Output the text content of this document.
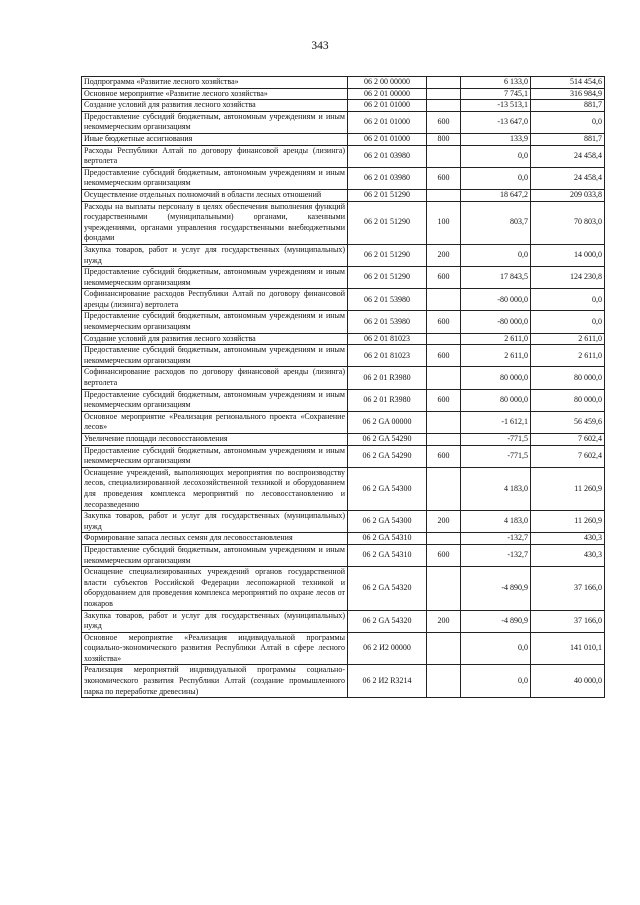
343
Подпрограмма «Развитие лесного хозяйства»	06 2 00 00000		6 133,0	514 454,6
Основное мероприятие «Развитие лесного хозяйства»	06 2 01 00000		7 745,1	316 984,9
Создание условий для развития лесного хозяйства	06 2 01 01000		-13 513,1	881,7
Предоставление субсидий бюджетным, автономным учреждениям и иным некоммерческим организациям	06 2 01 01000	600	-13 647,0	0,0
Иные бюджетные ассигнования	06 2 01 01000	800	133,9	881,7
Расходы Республики Алтай по договору финансовой аренды (лизинга) вертолета	06 2 01 03980		0,0	24 458,4
Предоставление субсидий бюджетным, автономным учреждениям и иным некоммерческим организациям	06 2 01 03980	600	0,0	24 458,4
Осуществление отдельных полномочий в области лесных отношений	06 2 01 51290		18 647,2	209 033,8
Расходы на выплаты персоналу в целях обеспечения выполнения функций государственными (муниципальными) органами, казенными учреждениями, органами управления государственными внебюджетными фондами	06 2 01 51290	100	803,7	70 803,0
Закупка товаров, работ и услуг для государственных (муниципальных) нужд	06 2 01 51290	200	0,0	14 000,0
Предоставление субсидий бюджетным, автономным учреждениям и иным некоммерческим организациям	06 2 01 51290	600	17 843,5	124 230,8
Софинансирование расходов Республики Алтай по договору финансовой аренды (лизинга) вертолета	06 2 01 53980		-80 000,0	0,0
Предоставление субсидий бюджетным, автономным учреждениям и иным некоммерческим организациям	06 2 01 53980	600	-80 000,0	0,0
Создание условий для развития лесного хозяйства	06 2 01 81023		2 611,0	2 611,0
Предоставление субсидий бюджетным, автономным учреждениям и иным некоммерческим организациям	06 2 01 81023	600	2 611,0	2 611,0
Софинансирование расходов по договору финансовой аренды (лизинга) вертолета	06 2 01 R3980		80 000,0	80 000,0
Предоставление субсидий бюджетным, автономным учреждениям и иным некоммерческим организациям	06 2 01 R3980	600	80 000,0	80 000,0
Основное мероприятие «Реализация регионального проекта «Сохранение лесов»	06 2 GA 00000		-1 612,1	56 459,6
Увеличение площади лесовосстановления	06 2 GA 54290		-771,5	7 602,4
Предоставление субсидий бюджетным, автономным учреждениям и иным некоммерческим организациям	06 2 GA 54290	600	-771,5	7 602,4
Оснащение учреждений, выполняющих мероприятия по воспроизводству лесов, специализированной лесохозяйственной техникой и оборудованием для проведения комплекса мероприятий по лесовосстановлению и лесоразведению	06 2 GA 54300		4 183,0	11 260,9
Закупка товаров, работ и услуг для государственных (муниципальных) нужд	06 2 GA 54300	200	4 183,0	11 260,9
Формирование запаса лесных семян для лесовосстановления	06 2 GA 54310		-132,7	430,3
Предоставление субсидий бюджетным, автономным учреждениям и иным некоммерческим организациям	06 2 GA 54310	600	-132,7	430,3
Оснащение специализированных учреждений органов государственной власти субъектов Российской Федерации лесопожарной техникой и оборудованием для проведения комплекса мероприятий по охране лесов от пожаров	06 2 GA 54320		-4 890,9	37 166,0
Закупка товаров, работ и услуг для государственных (муниципальных) нужд	06 2 GA 54320	200	-4 890,9	37 166,0
Основное мероприятие «Реализация индивидуальной программы социально-экономического развития Республики Алтай в сфере лесного хозяйства»	06 2 И2 00000		0,0	141 010,1
Реализация мероприятий индивидуальной программы социально-экономического развития Республики Алтай (создание промышленного парка по переработке древесины)	06 2 И2 R3214		0,0	40 000,0
